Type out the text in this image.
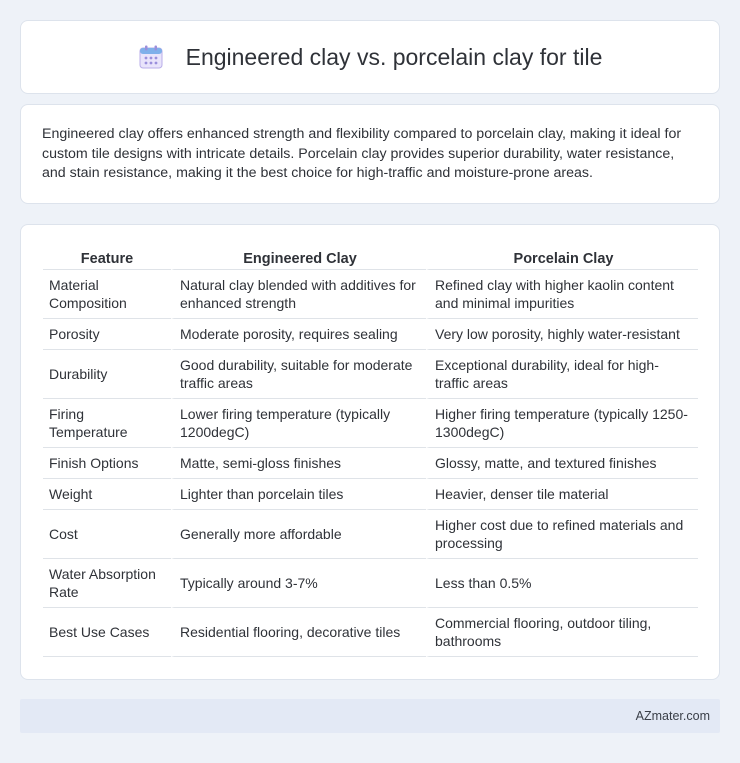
Engineered clay vs. porcelain clay for tile

Engineered clay offers enhanced strength and flexibility compared to porcelain clay, making it ideal for custom tile designs with intricate details. Porcelain clay provides superior durability, water resistance, and stain resistance, making it the best choice for high-traffic and moisture-prone areas.

Feature	Engineered Clay	Porcelain Clay
Material Composition	Natural clay blended with additives for enhanced strength	Refined clay with higher kaolin content and minimal impurities
Porosity	Moderate porosity, requires sealing	Very low porosity, highly water-resistant
Durability	Good durability, suitable for moderate traffic areas	Exceptional durability, ideal for high-traffic areas
Firing Temperature	Lower firing temperature (typically 1200degC)	Higher firing temperature (typically 1250-1300degC)
Finish Options	Matte, semi-gloss finishes	Glossy, matte, and textured finishes
Weight	Lighter than porcelain tiles	Heavier, denser tile material
Cost	Generally more affordable	Higher cost due to refined materials and processing
Water Absorption Rate	Typically around 3-7%	Less than 0.5%
Best Use Cases	Residential flooring, decorative tiles	Commercial flooring, outdoor tiling, bathrooms
AZmater.com
